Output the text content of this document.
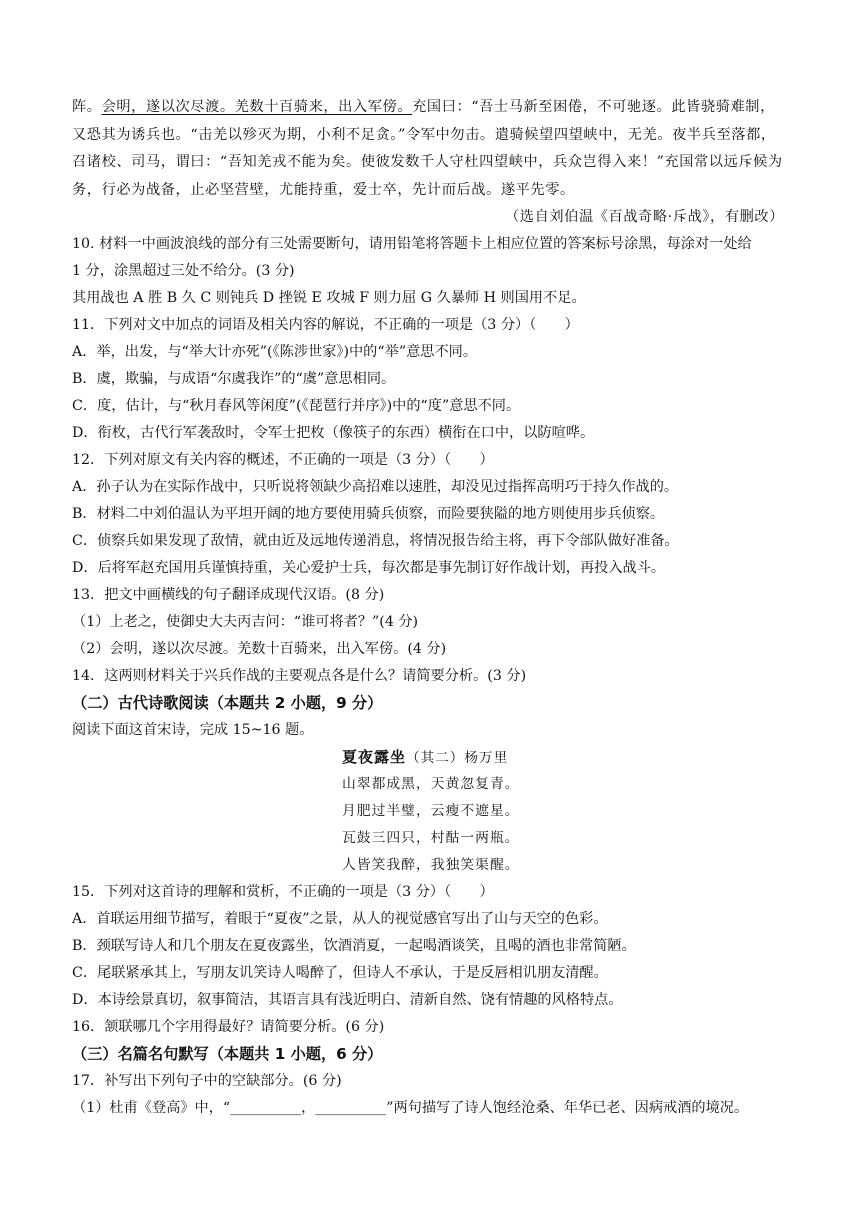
阵。会明，遂以次尽渡。羌数十百骑来，出入军傍。充国曰：“吾士马新至困倦，不可驰逐。此皆骁骑难制，
又恐其为诱兵也。“击羌以殄灭为期，小利不足贪。”令军中勿击。遣骑候望四望峡中，无羌。夜半兵至落都，
召诸校、司马，谓曰：“吾知羌戎不能为矣。使彼发数千人守杜四望峡中，兵众岂得入来！”充国常以远斥候为
务，行必为战备，止必坚营壁，尤能持重，爱士卒，先计而后战。遂平先零。
（选自刘伯温《百战奇略·斥战》，有删改）
10. 材料一中画波浪线的部分有三处需要断句，请用铅笔将答题卡上相应位置的答案标号涂黑，每涂对一处给
1 分，涂黑超过三处不给分。(3 分)
其用战也 A 胜 B 久 C 则钝兵 D 挫锐 E 攻城 F 则力屈 G 久暴师 H 则国用不足。
11．下列对文中加点的词语及相关内容的解说，不正确的一项是（3 分）（　　）
A．举，出发，与“举大计亦死”(《陈涉世家》)中的“举”意思不同。
B．虞，欺骗，与成语“尔虞我诈”的“虞”意思相同。
C．度，估计，与“秋月春风等闲度”(《琵琶行并序》)中的“度”意思不同。
D．衔枚，古代行军袭敌时，令军士把枚（像筷子的东西）横衔在口中，以防喧哗。
12．下列对原文有关内容的概述，不正确的一项是（3 分）（　　）
A．孙子认为在实际作战中，只听说将领缺少高招难以速胜，却没见过指挥高明巧于持久作战的。
B．材料二中刘伯温认为平坦开阔的地方要使用骑兵侦察，而险要狭隘的地方则使用步兵侦察。
C．侦察兵如果发现了敌情，就由近及远地传递消息，将情况报告给主将，再下令部队做好准备。
D．后将军赵充国用兵谨慎持重，关心爱护士兵，每次都是事先制订好作战计划，再投入战斗。
13．把文中画横线的句子翻译成现代汉语。(8 分)
（1）上老之，使御史大夫丙吉问：“谁可将者？”(4 分)
（2）会明，遂以次尽渡。羌数十百骑来，出入军傍。(4 分)
14．这两则材料关于兴兵作战的主要观点各是什么？请简要分析。(3 分)
（二）古代诗歌阅读（本题共 2 小题，9 分）
阅读下面这首宋诗，完成 15~16 题。
夏夜露坐（其二）杨万里
山翠都成黑，天黄忽复青。
月肥过半璧，云瘦不遮星。
瓦鼓三四只，村酤一两瓶。
人皆笑我醉，我独笑渠醒。
15．下列对这首诗的理解和赏析，不正确的一项是（3 分）（　　）
A．首联运用细节描写，着眼于“夏夜”之景，从人的视觉感官写出了山与天空的色彩。
B．颈联写诗人和几个朋友在夏夜露坐，饮酒消夏，一起喝酒谈笑，且喝的酒也非常简陋。
C．尾联紧承其上，写朋友讥笑诗人喝醉了，但诗人不承认，于是反唇相讥朋友清醒。
D．本诗绘景真切，叙事简洁，其语言具有浅近明白、清新自然、饶有情趣的风格特点。
16．颔联哪几个字用得最好？请简要分析。(6 分)
（三）名篇名句默写（本题共 1 小题，6 分）
17．补写出下列句子中的空缺部分。(6 分)
（1）杜甫《登高》中，“__________，__________”两句描写了诗人饱经沧桑、年华已老、因病戒酒的境况。
